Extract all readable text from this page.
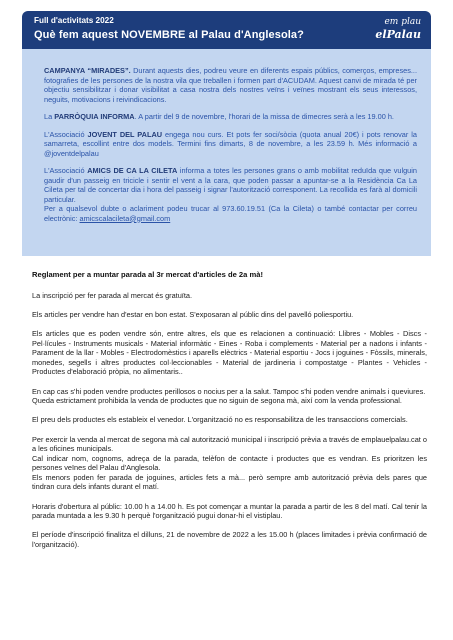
Full d'activitats 2022
Què fem aquest NOVEMBRE al Palau d'Anglesola?
em plau
elPalau

CAMPANYA “MIRADES”. Durant aquests dies, podreu veure en diferents espais públics, comerços, empreses... fotografies de les persones de la nostra vila que treballen i formen part d'ACUDAM. Aquest canvi de mirada té per objectiu sensibilitzar i donar visibilitat a casa nostra dels nostres veïns i veïnes mostrant els seus interessos, neguits, motivacions i reivindicacions.

La PARRÒQUIA INFORMA. A partir del 9 de novembre, l'horari de la missa de dimecres serà a les 19.00 h.

L'Associació JOVENT DEL PALAU engega nou curs. Et pots fer soci/sòcia (quota anual 20€) i pots renovar la samarreta, escollint entre dos models. Termini fins dimarts, 8 de novembre, a les 23.59 h. Més informació a @joventdelpalau

L'Associació AMICS DE CA LA CILETA informa a totes les persones grans o amb mobilitat reduïda que vulguin gaudir d'un passeig en tricicle i sentir el vent a la cara, que poden passar a apuntar-se a la Residència Ca La Cileta per tal de concertar dia i hora del passeig i signar l'autorització corresponent. La recollida es farà al domicili particular.

Per a qualsevol dubte o aclariment podeu trucar al 973.60.19.51 (Ca la Cileta) o també contactar per correu electrònic: amicscalacileta@gmail.com

Reglament per a muntar parada al 3r mercat d'articles de 2a mà!

La inscripció per fer parada al mercat és gratuïta.

Els articles per vendre han d'estar en bon estat. S'exposaran al públic dins del pavelló poliesportiu.

Els articles que es poden vendre són, entre altres, els que es relacionen a continuació: Llibres - Mobles - Discs - Pel·lícules - Instruments musicals - Material informàtic - Eines - Roba i complements - Material per a nadons i infants - Parament de la llar - Mobles - Electrodomèstics i aparells elèctrics - Material esportiu - Jocs i joguines - Fòssils, minerals, monedes, segells i altres productes col·leccionables - Material de jardineria i compostatge - Plantes - Vehicles - Productes d'elaboració pròpia, no alimentaris..

En cap cas s'hi poden vendre productes perillosos o nocius per a la salut. Tampoc s'hi poden vendre animals i queviures.
Queda estrictament prohibida la venda de productes que no siguin de segona mà, així com la venda professional.

El preu dels productes els estableix el venedor. L'organització no es responsabilitza de les transaccions comercials.

Per exercir la venda al mercat de segona mà cal autorització municipal i inscripció prèvia a través de emplauelpalau.cat o a les oficines municipals.
Cal indicar nom, cognoms, adreça de la parada, telèfon de contacte i productes que es vendran. Es prioritzen les persones veïnes del Palau d'Anglesola.
Els menors poden fer parada de joguines, articles fets a mà... però sempre amb autorització prèvia dels pares que tindran cura dels infants durant el matí.

Horaris d'obertura al públic: 10.00 h a 14.00 h. Es pot començar a muntar la parada a partir de les 8 del matí. Cal tenir la parada muntada a les 9.30 h perquè l'organització pugui donar-hi el vistiplau.

El període d'inscripció finalitza el dilluns, 21 de novembre de 2022 a les 15.00 h (places limitades i prèvia confirmació de l'organització).
